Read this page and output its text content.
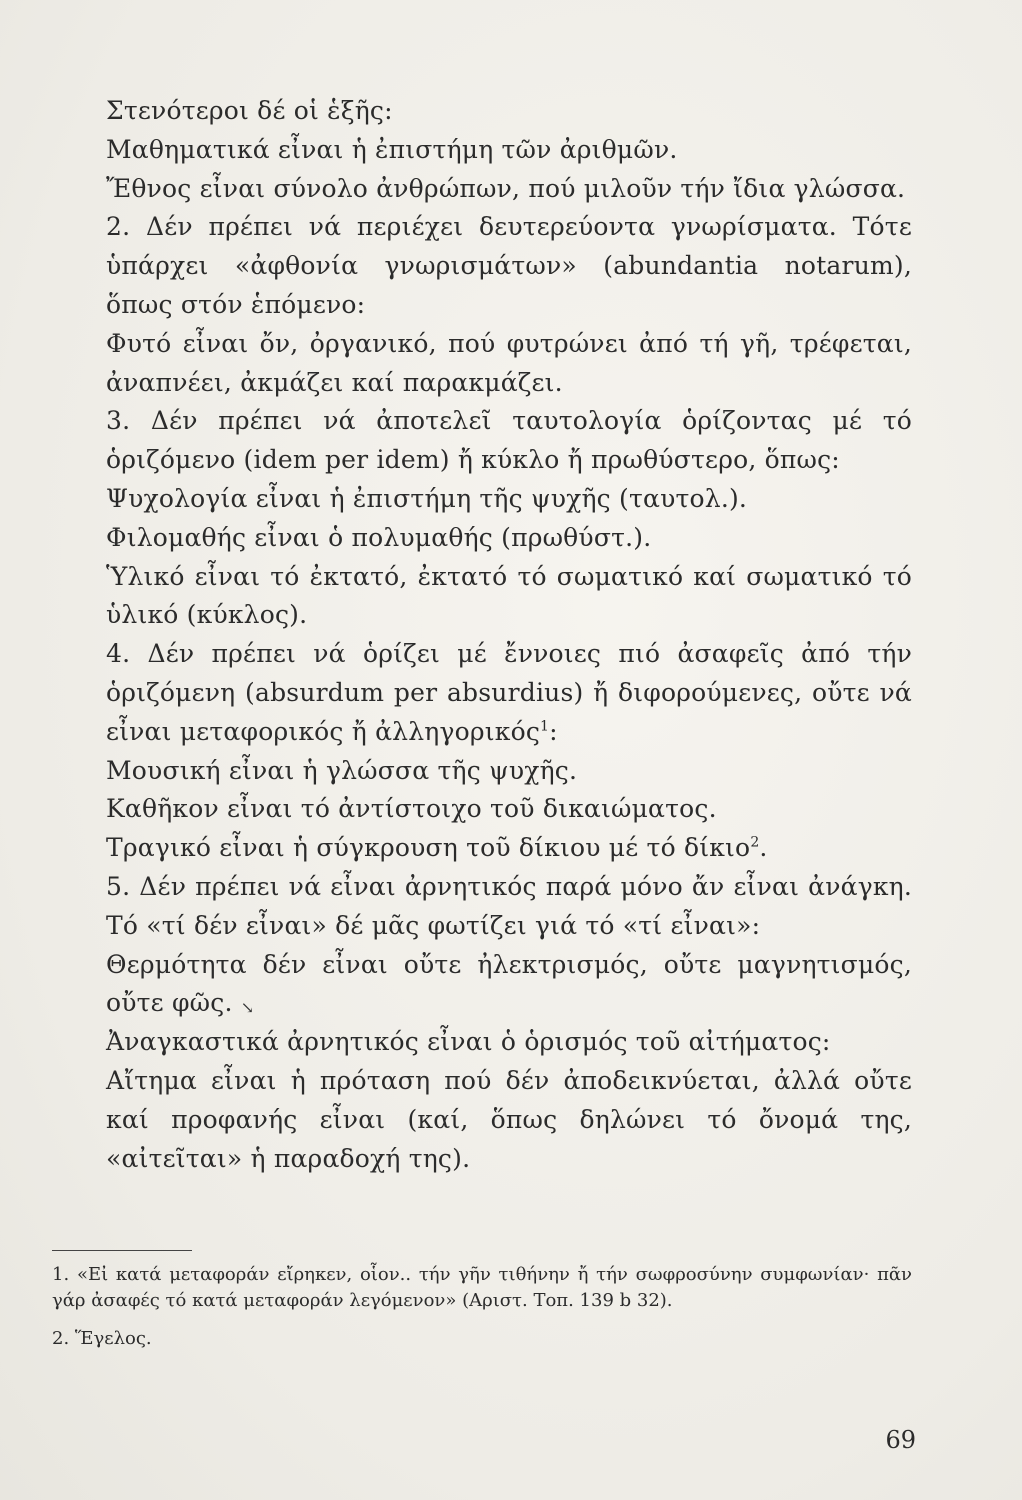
Στενότεροι δέ οἱ ἑξῆς:

Μαθηματικά εἶναι ἡ ἐπιστήμη τῶν ἀριθμῶν.

Ἔθνος εἶναι σύνολο ἀνθρώπων, πού μιλοῦν τήν ἴδια γλώσσα.

2. Δέν πρέπει νά περιέχει δευτερεύοντα γνωρίσματα. Τότε ὑπάρχει «ἀφθονία γνωρισμάτων» (abundantia notarum), ὅπως στόν ἑπόμενο:

Φυτό εἶναι ὄν, ὀργανικό, πού φυτρώνει ἀπό τή γῆ, τρέφεται, ἀναπνέει, ἀκμάζει καί παρακμάζει.

3. Δέν πρέπει νά ἀποτελεῖ ταυτολογία ὁρίζοντας μέ τό ὁριζόμενο (idem per idem) ἤ κύκλο ἤ πρωθύστερο, ὅπως:

Ψυχολογία εἶναι ἡ ἐπιστήμη τῆς ψυχῆς (ταυτολ.).

Φιλομαθής εἶναι ὁ πολυμαθής (πρωθύστ.).

Ὑλικό εἶναι τό ἐκτατό, ἐκτατό τό σωματικό καί σωματικό τό ὑλικό (κύκλος).

4. Δέν πρέπει νά ὁρίζει μέ ἔννοιες πιό ἀσαφεῖς ἀπό τήν ὁριζόμενη (absurdum per absurdius) ἤ διφορούμενες, οὔτε νά εἶναι μεταφορικός ἤ ἀλληγορικός$^1$:

Μουσική εἶναι ἡ γλώσσα τῆς ψυχῆς.

Καθῆκον εἶναι τό ἀντίστοιχο τοῦ δικαιώματος.

Τραγικό εἶναι ἡ σύγκρουση τοῦ δίκιου μέ τό δίκιο$^2$.

5. Δέν πρέπει νά εἶναι ἀρνητικός παρά μόνο ἄν εἶναι ἀνάγκη. Τό «τί δέν εἶναι» δέ μᾶς φωτίζει γιά τό «τί εἶναι»:

Θερμότητα δέν εἶναι οὔτε ἠλεκτρισμός, οὔτε μαγνητισμός, οὔτε φῶς. ↘

Ἀναγκαστικά ἀρνητικός εἶναι ὁ ὁρισμός τοῦ αἰτήματος:

Αἴτημα εἶναι ἡ πρόταση πού δέν ἀποδεικνύεται, ἀλλά οὔτε καί προφανής εἶναι (καί, ὅπως δηλώνει τό ὄνομά της, «αἰτεῖται» ἡ παραδοχή της).

1. «Εἰ κατά μεταφοράν εἴρηκεν, οἷον.. τήν γῆν τιθήνην ἤ τήν σωφροσύνην συμφωνίαν· πᾶν γάρ ἀσαφές τό κατά μεταφοράν λεγόμενον» (Αριστ. Τοπ. 139 b 32).

2. Ἕγελος.

69
